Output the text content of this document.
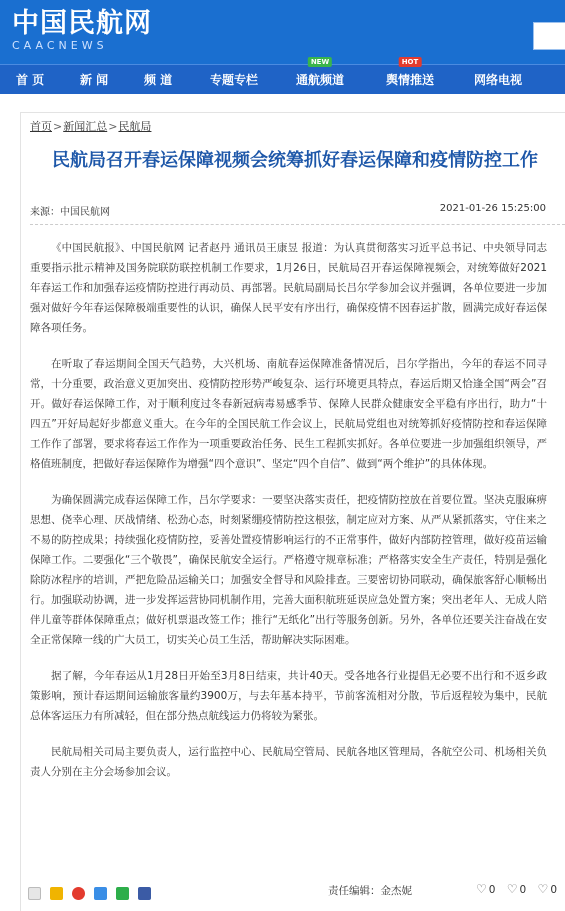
中国民航网
CAACNEWS
首 页	新 闻	频 道	专题专栏	通航频道
NEW
舆情推送
HOT
网络电视
首页>新闻汇总>民航局
民航局召开春运保障视频会统筹抓好春运保障和疫情防控工作
来源：中国民航网	2021-01-26 15:25:00

《中国民航报》、中国民航网 记者赵丹 通讯员王康昱 报道：为认真贯彻落实习近平总书记、中央领导同志重要指示批示精神及国务院联防联控机制工作要求，1月26日，民航局召开春运保障视频会，对统筹做好2021年春运工作和加强春运疫情防控进行再动员、再部署。民航局副局长吕尔学参加会议并强调，各单位要进一步加强对做好今年春运保障极端重要性的认识，确保人民平安有序出行，确保疫情不因春运扩散，圆满完成好春运保障各项任务。

在听取了春运期间全国天气趋势，大兴机场、南航春运保障准备情况后，吕尔学指出，今年的春运不同寻常，十分重要，政治意义更加突出、疫情防控形势严峻复杂、运行环境更具特点，春运后期又恰逢全国“两会”召开。做好春运保障工作，对于顺利度过冬春新冠病毒易感季节、保障人民群众健康安全平稳有序出行，助力“十四五”开好局起好步都意义重大。在今年的全国民航工作会议上，民航局党组也对统筹抓好疫情防控和春运保障工作作了部署，要求将春运工作作为一项重要政治任务、民生工程抓实抓好。各单位要进一步加强组织领导，严格值班制度，把做好春运保障作为增强“四个意识”、坚定“四个自信”、做到“两个维护”的具体体现。

为确保圆满完成春运保障工作，吕尔学要求：一要坚决落实责任，把疫情防控放在首要位置。坚决克服麻痹思想、侥幸心理、厌战情绪、松劲心态，时刻紧绷疫情防控这根弦，制定应对方案、从严从紧抓落实，守住来之不易的防控成果；持续强化疫情防控，妥善处置疫情影响运行的不正常事件，做好内部防控管理，做好疫苗运输保障工作。二要强化“三个敬畏”，确保民航安全运行。严格遵守规章标准；严格落实安全生产责任，特别是强化除防冰程序的培训，严把危险品运输关口；加强安全督导和风险排查。三要密切协同联动，确保旅客舒心顺畅出行。加强联动协调，进一步发挥运营协同机制作用，完善大面积航班延误应急处置方案；突出老年人、无成人陪伴儿童等群体保障重点；做好机票退改签工作；推行“无纸化”出行等服务创新。另外，各单位还要关注奋战在安全正常保障一线的广大员工，切实关心员工生活，帮助解决实际困难。

据了解，今年春运从1月28日开始至3月8日结束，共计40天。受各地各行业提倡无必要不出行和不返乡政策影响，预计春运期间运输旅客量约3900万，与去年基本持平，节前客流相对分散，节后返程较为集中，民航总体客运压力有所减轻，但在部分热点航线运力仍将较为紧张。

民航局相关司局主要负责人，运行监控中心、民航局空管局、民航各地区管理局，各航空公司、机场相关负责人分别在主分会场参加会议。

责任编辑：金杰妮	♡ 0 ♡ 0 ♡ 0
